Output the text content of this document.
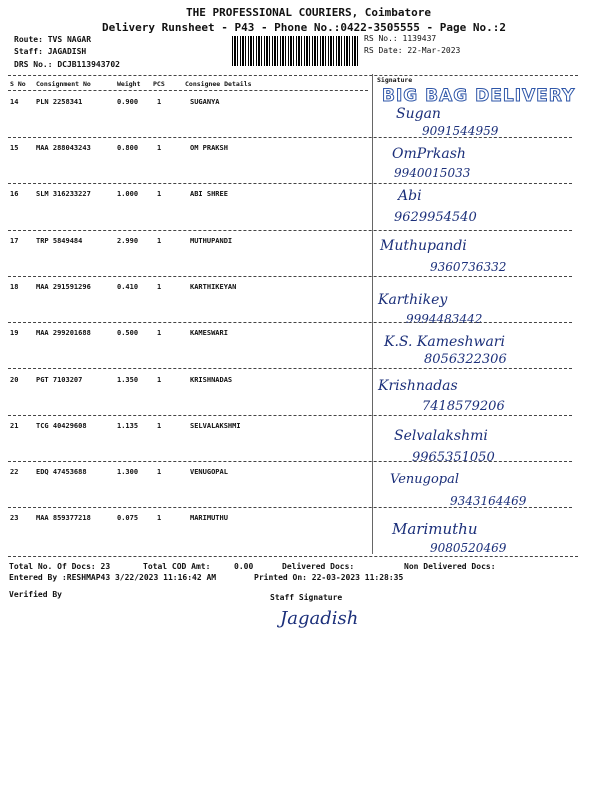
THE PROFESSIONAL COURIERS, Coimbatore
Delivery Runsheet - P43 - Phone No.:0422-3505555 - Page No.:2
Route: TVS NAGAR
Staff: JAGADISH
DRS No.: DCJB113943702
RS No.: 1139437
RS Date: 22-Mar-2023
S No Consignment No	Weight PCS	Consignee Details	Signature
BIG BAG DELIVERY
14	PLN 2258341	0.900	1	SUGANYA
Sugan
9091544959
15	MAA 288043243	0.800	1	OM PRAKSH	OmPrkash
9940015033
16	SLM 316233227	1.000	1	ABI SHREE	Abi
9629954540
17	TRP 5849484	2.990	1	MUTHUPANDI	Muthupandi
9360736332
18	MAA 291591296	0.410	1	KARTHIKEYAN
Karthikey
9994483442
19	MAA 299201688	0.500	1	KAMESWARI
K.S. Kameshwari
8056322306
20	PGT 7103207	1.350	1	KRISHNADAS	Krishnadas
7418579206
21	TCG 40429608	1.135	1	SELVALAKSHMI
Selvalakshmi
9965351050
22	EDQ 47453688	1.300	1	VENUGOPAL	Venugopal
9343164469
23	MAA 859377218	0.075	1	MARIMUTHU
Marimuthu
9080520469
Total No. Of Docs: 23	Total COD Amt:	0.00	Delivered Docs:	Non Delivered Docs:
Entered By :RESHMAP43 3/22/2023 11:16:42 AM	Printed On: 22-03-2023 11:28:35
Verified By	Staff Signature
Jagadish
